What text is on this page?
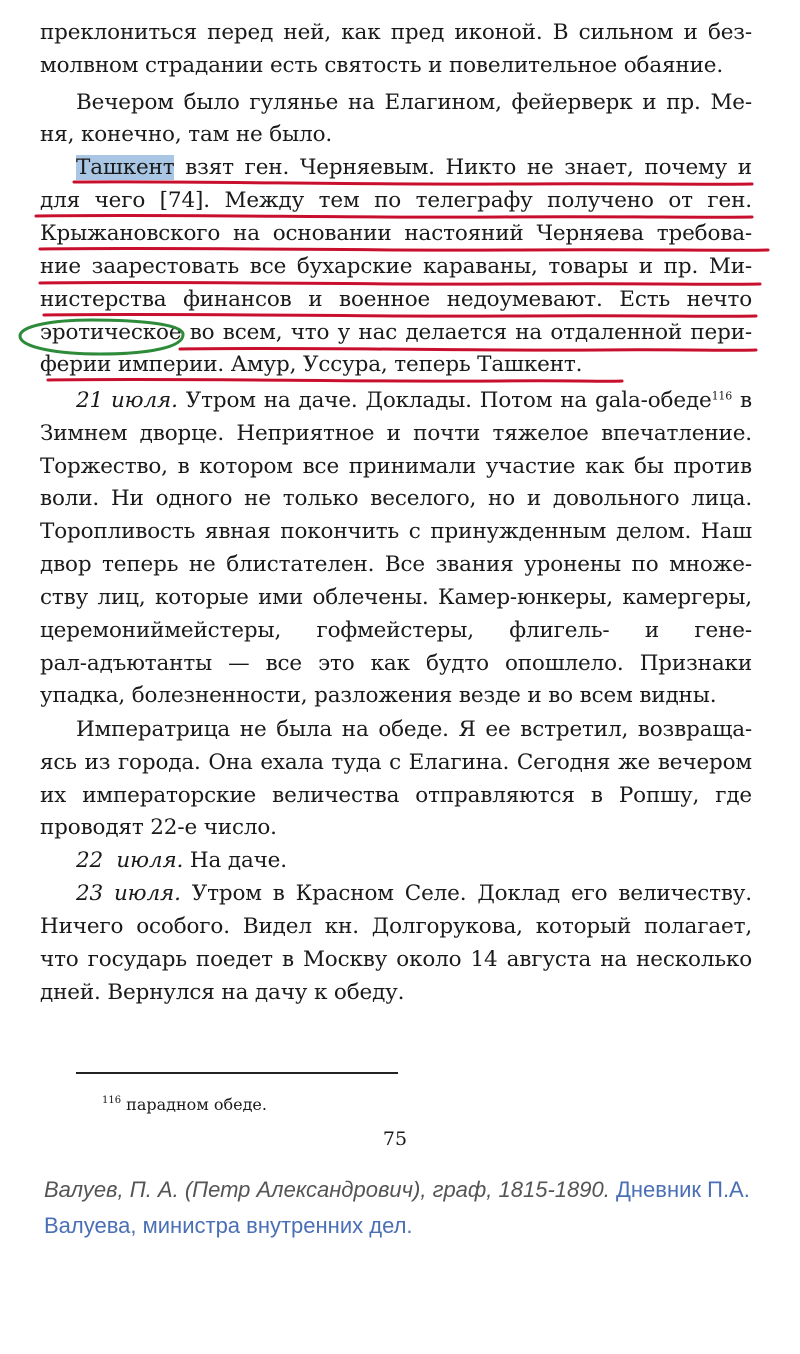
преклониться перед ней, как пред иконой. В сильном и без-
молвном страдании есть святость и повелительное обаяние.
Вечером было гулянье на Елагином, фейерверк и пр. Ме-
ня, конечно, там не было.
Ташкент взят ген. Черняевым. Никто не знает, почему и
для чего [74]. Между тем по телеграфу получено от ген.
Крыжановского на основании настояний Черняева требова-
ние заарестовать все бухарские караваны, товары и пр. Ми-
нистерства финансов и военное недоумевают. Есть нечто
эротическое во всем, что у нас делается на отдаленной пери-
ферии империи. Амур, Уссура, теперь Ташкент.
21 июля. Утром на даче. Доклады. Потом на gala-обеде$^{116}$ в
Зимнем дворце. Неприятное и почти тяжелое впечатление.
Торжество, в котором все принимали участие как бы против
воли. Ни одного не только веселого, но и довольного лица.
Торопливость явная покончить с принужденным делом. Наш
двор теперь не блистателен. Все звания уронены по множе-
ству лиц, которые ими облечены. Камер-юнкеры, камергеры,
церемониймейстеры, гофмейстеры, флигель- и гене-
рал-адъютанты — все это как будто опошлело. Признаки
упадка, болезненности, разложения везде и во всем видны.
Императрица не была на обеде. Я ее встретил, возвраща-
ясь из города. Она ехала туда с Елагина. Сегодня же вечером
их императорские величества отправляются в Ропшу, где
проводят 22-е число.
22  июля. На даче.
23 июля. Утром в Красном Селе. Доклад его величеству.
Ничего особого. Видел кн. Долгорукова, который полагает,
что государь поедет в Москву около 14 августа на несколько
дней. Вернулся на дачу к обеду.
$^{116}$ парадном обеде.
75
Валуев, П. А. (Петр Александрович), граф, 1815-1890. Дневник П.А. Валуева, министра внутренних дел.
